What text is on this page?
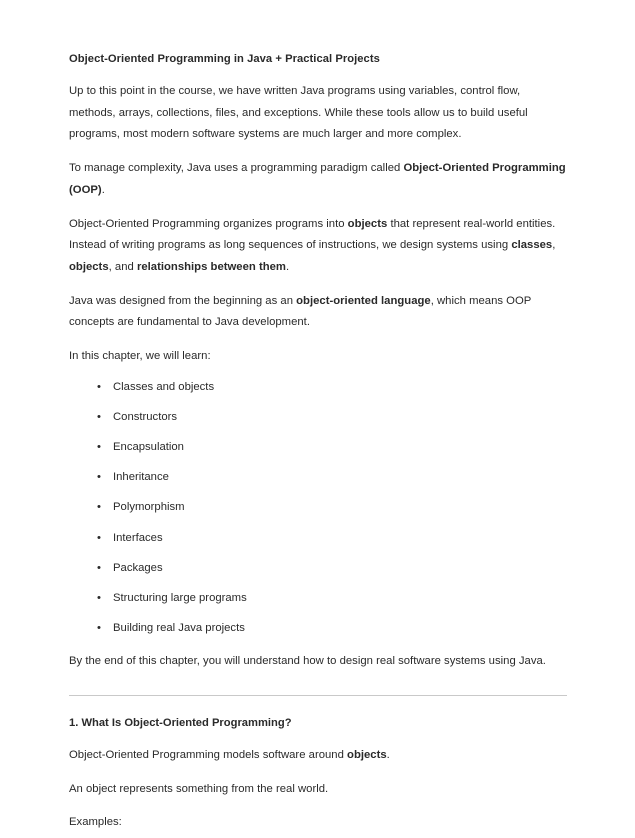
Object-Oriented Programming in Java + Practical Projects

Up to this point in the course, we have written Java programs using variables, control flow, methods, arrays, collections, files, and exceptions. While these tools allow us to build useful programs, most modern software systems are much larger and more complex.

To manage complexity, Java uses a programming paradigm called Object-Oriented Programming (OOP).

Object-Oriented Programming organizes programs into objects that represent real-world entities. Instead of writing programs as long sequences of instructions, we design systems using classes, objects, and relationships between them.

Java was designed from the beginning as an object-oriented language, which means OOP concepts are fundamental to Java development.

In this chapter, we will learn:

• Classes and objects
• Constructors
• Encapsulation
• Inheritance
• Polymorphism
• Interfaces
• Packages
• Structuring large programs
• Building real Java projects

By the end of this chapter, you will understand how to design real software systems using Java.

1. What Is Object-Oriented Programming?

Object-Oriented Programming models software around objects.

An object represents something from the real world.

Examples:
